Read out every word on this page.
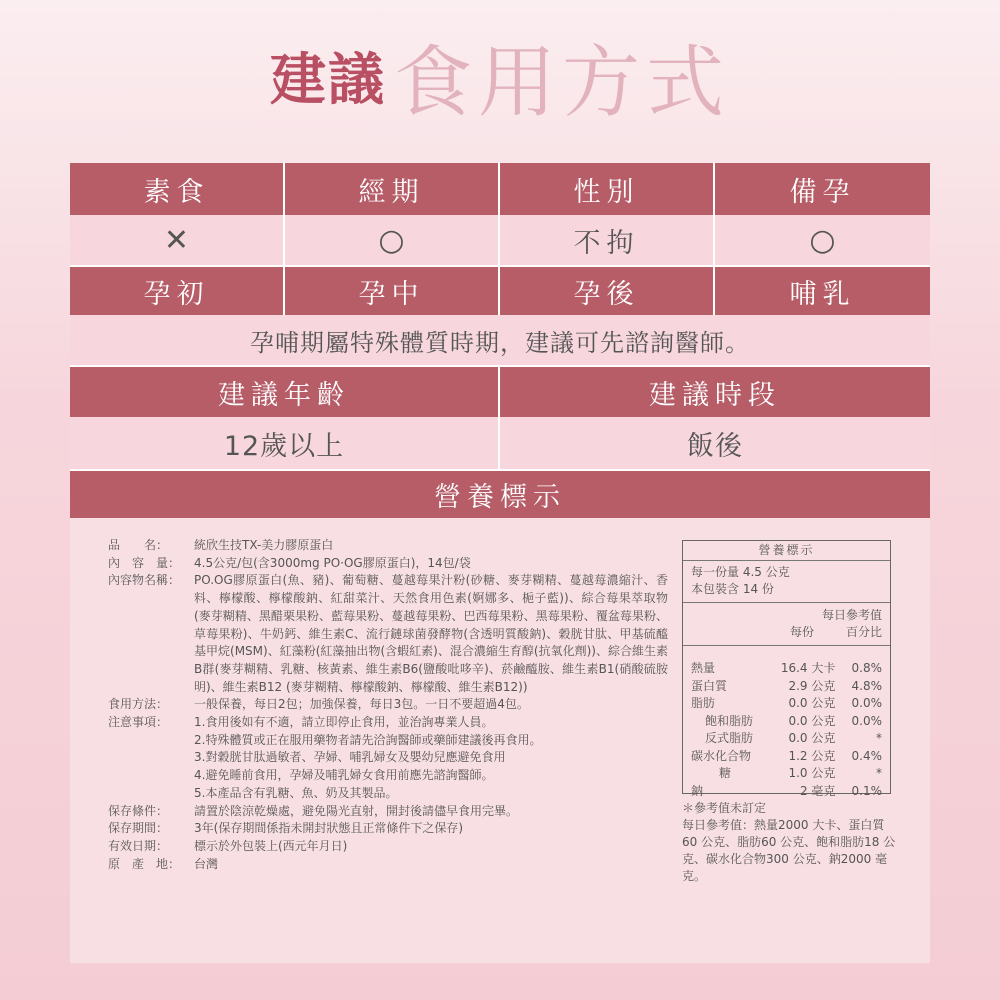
建議 食用方式
素食	經期	性別	備孕
✕	○	不拘	○
孕初	孕中	孕後	哺乳
孕哺期屬特殊體質時期，建議可先諮詢醫師。
建議年齡	建議時段
12歲以上	飯後
營養標示
品　　名：	統欣生技TX-美力膠原蛋白
內　容　量：	4.5公克/包(含3000mg PO·OG膠原蛋白)，14包/袋
內容物名稱：	PO.OG膠原蛋白(魚、豬)、葡萄糖、蔓越莓果汁粉(砂糖、麥芽糊精、蔓越莓濃縮汁、香料、檸檬酸、檸檬酸鈉、紅甜菜汁、天然食用色素(婀娜多、梔子藍))、綜合莓果萃取物(麥芽糊精、黑醋栗果粉、藍莓果粉、蔓越莓果粉、巴西莓果粉、黑莓果粉、覆盆莓果粉、草莓果粉)、牛奶鈣、維生素C、流行鏈球菌發酵物(含透明質酸鈉)、穀胱甘肽、甲基硫醯基甲烷(MSM)、紅藻粉(紅藻抽出物(含蝦紅素)、混合濃縮生育醇(抗氧化劑))、綜合維生素B群(麥芽糊精、乳糖、核黃素、維生素B6(鹽酸吡哆辛)、菸鹼醯胺、維生素B1(硝酸硫胺明)、維生素B12 (麥芽糊精、檸檬酸鈉、檸檬酸、維生素B12))
食用方法：	一般保養，每日2包；加強保養，每日3包。一日不要超過4包。
注意事項：	1.食用後如有不適，請立即停止食用，並治詢專業人員。
2.特殊體質或正在服用藥物者請先洽詢醫師或藥師建議後再食用。
3.對穀胱甘肽過敏者、孕婦、哺乳婦女及嬰幼兒應避免食用
4.避免睡前食用，孕婦及哺乳婦女食用前應先諮詢醫師。
5.本產品含有乳糖、魚、奶及其製品。
保存條件：	請置於陰涼乾燥處，避免陽光直射，開封後請儘早食用完畢。
保存期間：	3年(保存期間係指未開封狀態且正常條件下之保存)
有效日期：	標示於外包裝上(西元年月日)
原　產　地：	台灣
營養標示
每一份量 4.5 公克
本包裝含 14 份
每日參考值
每份	百分比
熱量	16.4 大卡	0.8%
蛋白質	2.9 公克	4.8%
脂肪	0.0 公克	0.0%
飽和脂肪	0.0 公克	0.0%
反式脂肪	0.0 公克	*
碳水化合物	1.2 公克	0.4%
糖	1.0 公克	*
鈉	2 毫克	0.1%
＊參考值未訂定
每日參考值：熱量2000 大卡、蛋白質60 公克、脂肪60 公克、飽和脂肪18 公克、碳水化合物300 公克、鈉2000 毫克。
